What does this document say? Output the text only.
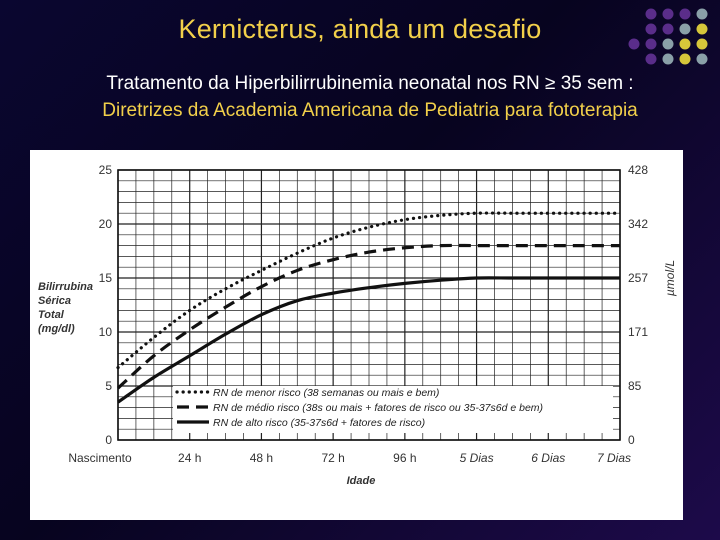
Kernicterus, ainda um desafio
Tratamento da Hiperbilirrubinemia neonatal nos RN ≥ 35 sem :
Diretrizes da Academia Americana de Pediatria para fototerapia
0
5
10
15
20
25
0
85
171
257
342
428
Nascimento	24 h	48 h	72 h	96 h	5 Dias	6 Dias	7 Dias
Idade
Bilirrubina
Sérica
Total
(mg/dl)
µmol/L
RN de menor risco (38 semanas ou mais e bem)
RN de médio risco (38s ou mais + fatores de risco ou 35-37s6d e bem)
RN de alto risco (35-37s6d + fatores de risco)
